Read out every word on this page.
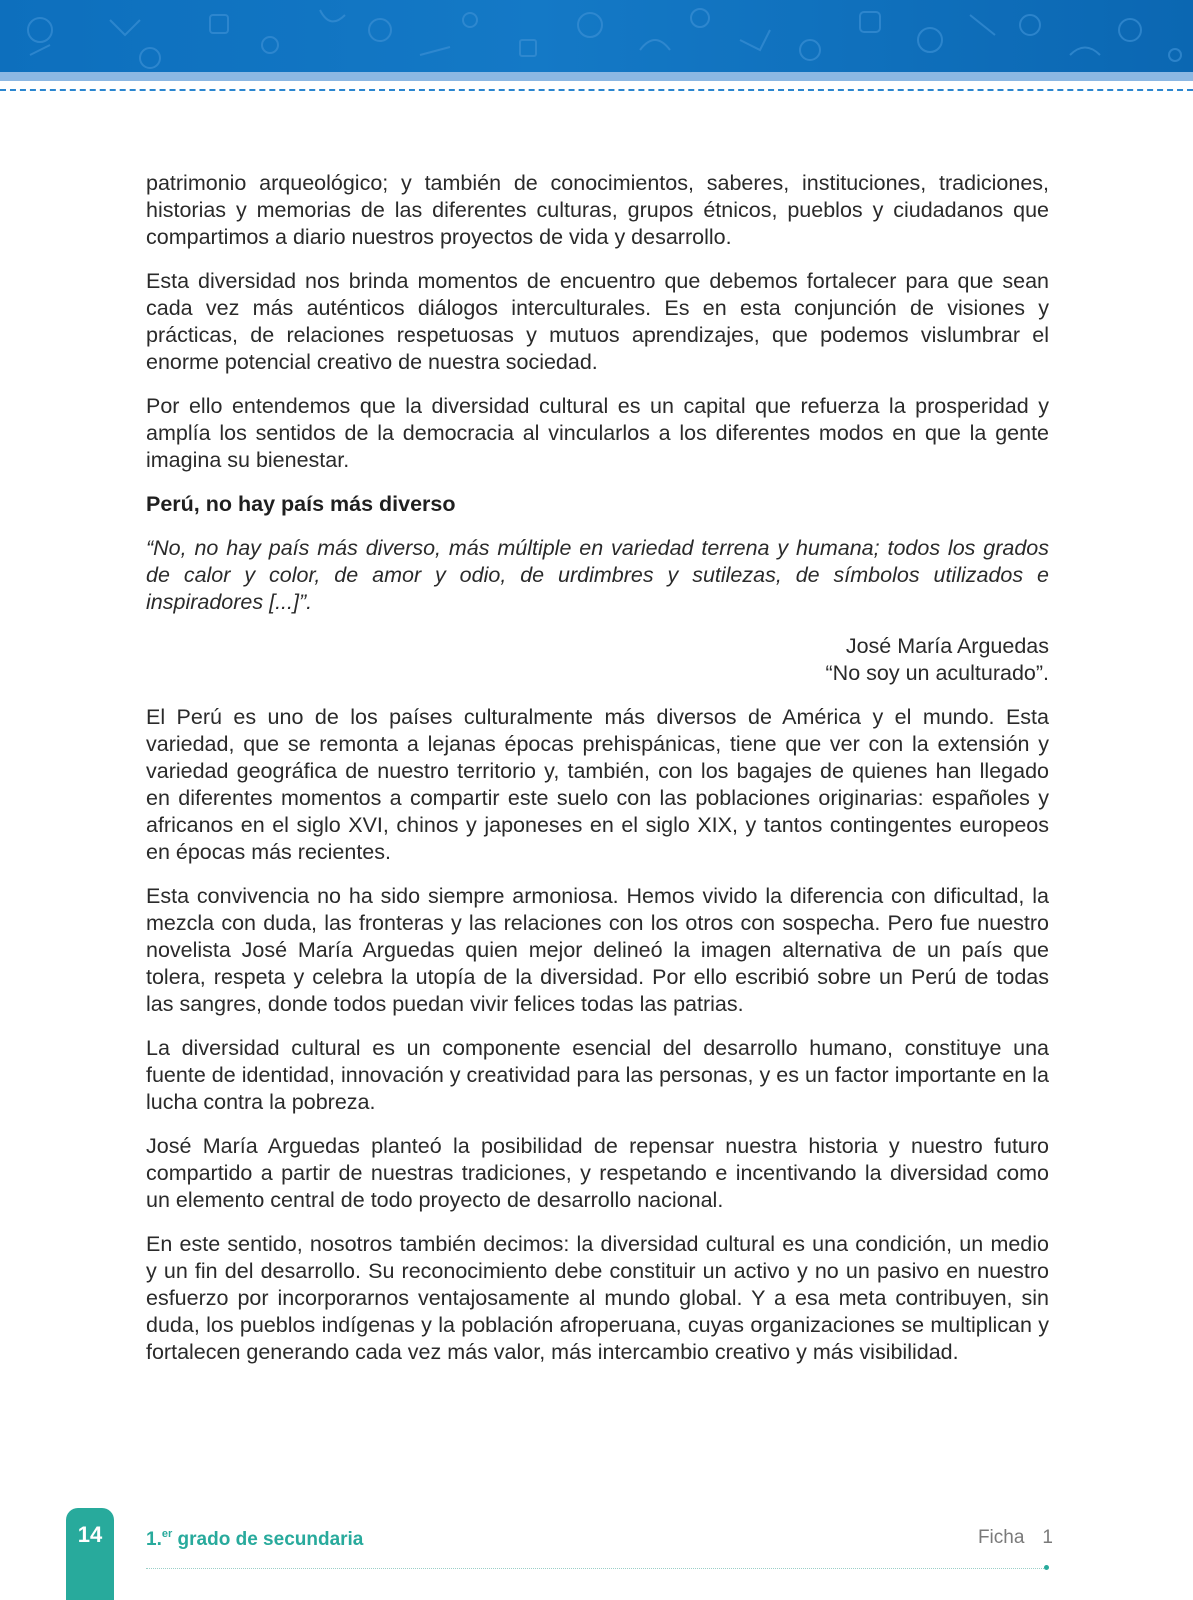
patrimonio arqueológico; y también de conocimientos, saberes, instituciones, tradiciones, historias y memorias de las diferentes culturas, grupos étnicos, pueblos y ciudadanos que compartimos a diario nuestros proyectos de vida y desarrollo.

Esta diversidad nos brinda momentos de encuentro que debemos fortalecer para que sean cada vez más auténticos diálogos interculturales. Es en esta conjunción de visiones y prácticas, de relaciones respetuosas y mutuos aprendizajes, que podemos vislumbrar el enorme potencial creativo de nuestra sociedad.

Por ello entendemos que la diversidad cultural es un capital que refuerza la prosperidad y amplía los sentidos de la democracia al vincularlos a los diferentes modos en que la gente imagina su bienestar.

Perú, no hay país más diverso

“No, no hay país más diverso, más múltiple en variedad terrena y humana; todos los grados de calor y color, de amor y odio, de urdimbres y sutilezas, de símbolos utilizados e inspiradores [...]”.

José María Arguedas
“No soy un aculturado”.

El Perú es uno de los países culturalmente más diversos de América y el mundo. Esta variedad, que se remonta a lejanas épocas prehispánicas, tiene que ver con la extensión y variedad geográfica de nuestro territorio y, también, con los bagajes de quienes han llegado en diferentes momentos a compartir este suelo con las poblaciones originarias: españoles y africanos en el siglo XVI, chinos y japoneses en el siglo XIX, y tantos contingentes europeos en épocas más recientes.

Esta convivencia no ha sido siempre armoniosa. Hemos vivido la diferencia con dificultad, la mezcla con duda, las fronteras y las relaciones con los otros con sospecha. Pero fue nuestro novelista José María Arguedas quien mejor delineó la imagen alternativa de un país que tolera, respeta y celebra la utopía de la diversidad. Por ello escribió sobre un Perú de todas las sangres, donde todos puedan vivir felices todas las patrias.

La diversidad cultural es un componente esencial del desarrollo humano, constituye una fuente de identidad, innovación y creatividad para las personas, y es un factor importante en la lucha contra la pobreza.

José María Arguedas planteó la posibilidad de repensar nuestra historia y nuestro futuro compartido a partir de nuestras tradiciones, y respetando e incentivando la diversidad como un elemento central de todo proyecto de desarrollo nacional.

En este sentido, nosotros también decimos: la diversidad cultural es una condición, un medio y un fin del desarrollo. Su reconocimiento debe constituir un activo y no un pasivo en nuestro esfuerzo por incorporarnos ventajosamente al mundo global. Y a esa meta contribuyen, sin duda, los pueblos indígenas y la población afroperuana, cuyas organizaciones se multiplican y fortalecen generando cada vez más valor, más intercambio creativo y más visibilidad.

14 1.$^{er}$ grado de secundaria	Ficha 1
